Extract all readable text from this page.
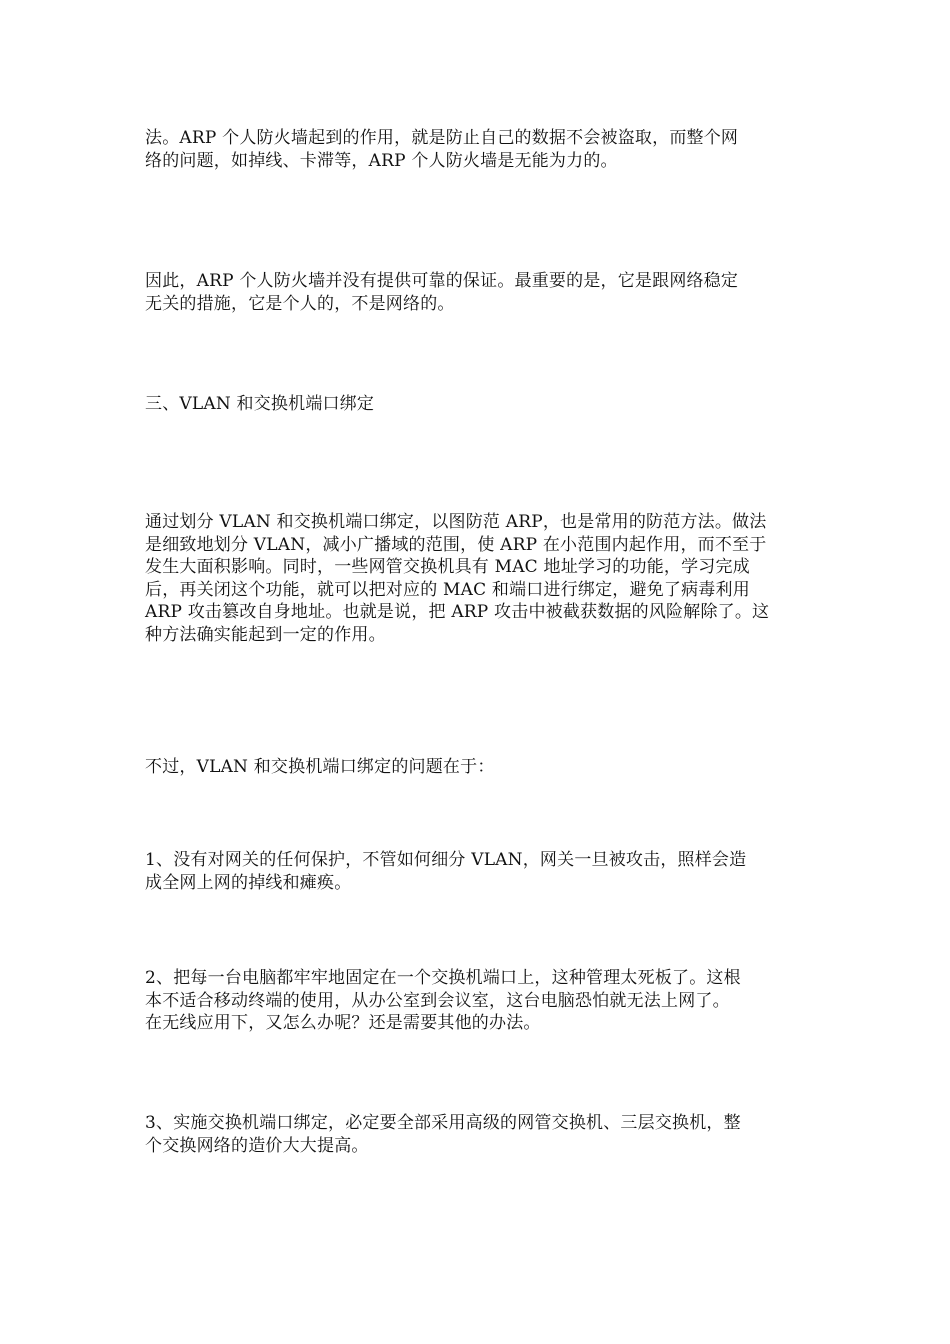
法。ARP 个人防火墙起到的作用，就是防止自己的数据不会被盗取，而整个网
络的问题，如掉线、卡滞等，ARP 个人防火墙是无能为力的。

因此，ARP 个人防火墙并没有提供可靠的保证。最重要的是，它是跟网络稳定
无关的措施，它是个人的，不是网络的。

三、VLAN 和交换机端口绑定

通过划分 VLAN 和交换机端口绑定，以图防范 ARP，也是常用的防范方法。做法
是细致地划分 VLAN，减小广播域的范围，使 ARP 在小范围内起作用，而不至于
发生大面积影响。同时，一些网管交换机具有 MAC 地址学习的功能，学习完成
后，再关闭这个功能，就可以把对应的 MAC 和端口进行绑定，避免了病毒利用
ARP 攻击篡改自身地址。也就是说，把 ARP 攻击中被截获数据的风险解除了。这
种方法确实能起到一定的作用。

不过，VLAN 和交换机端口绑定的问题在于：

1、没有对网关的任何保护，不管如何细分 VLAN，网关一旦被攻击，照样会造
成全网上网的掉线和瘫痪。

2、把每一台电脑都牢牢地固定在一个交换机端口上，这种管理太死板了。这根
本不适合移动终端的使用，从办公室到会议室，这台电脑恐怕就无法上网了。
在无线应用下，又怎么办呢？还是需要其他的办法。

3、实施交换机端口绑定，必定要全部采用高级的网管交换机、三层交换机，整
个交换网络的造价大大提高。
